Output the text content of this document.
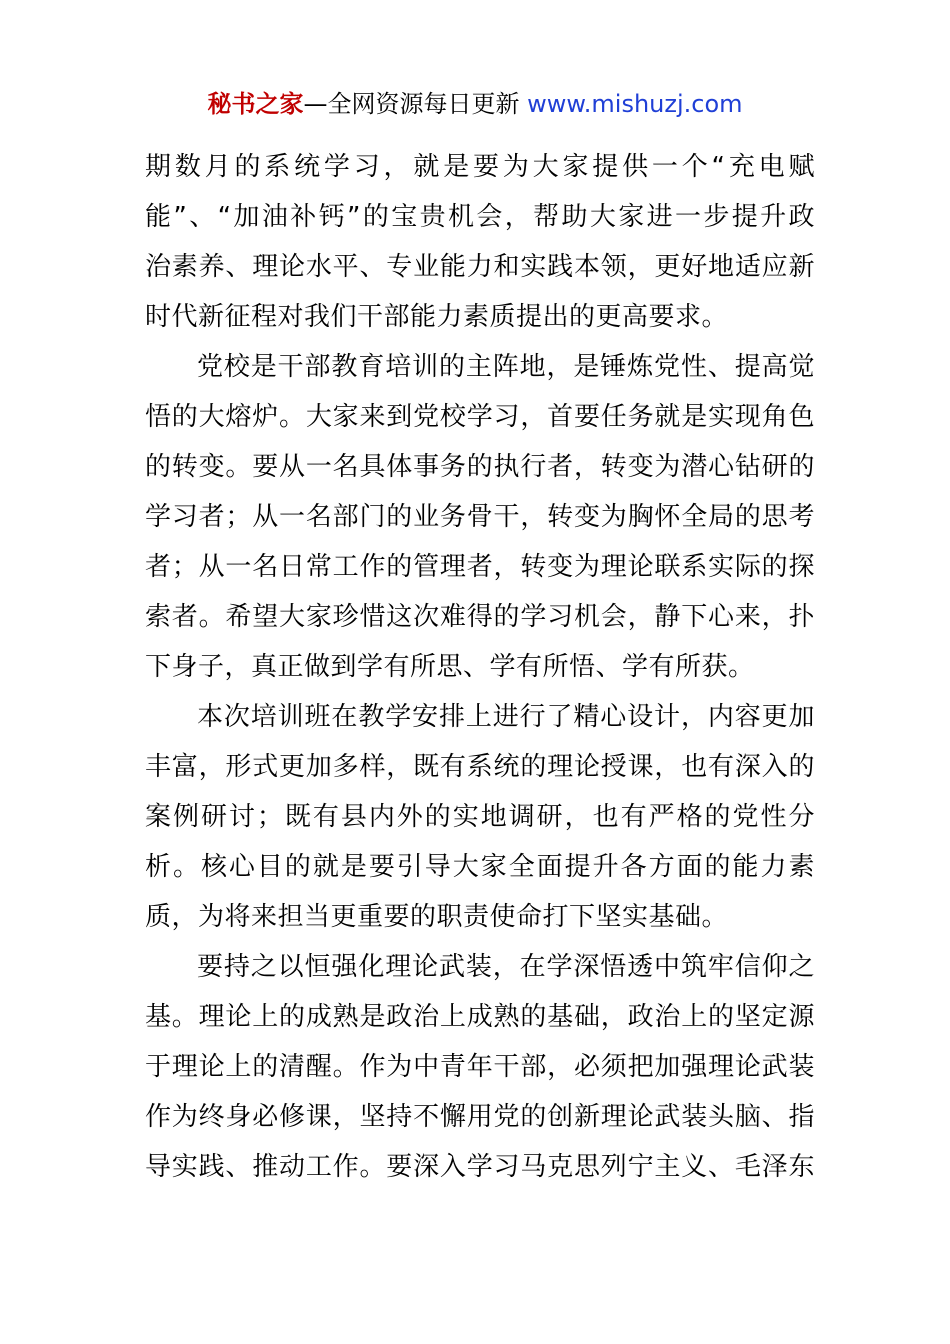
秘书之家—全网资源每日更新 www.mishuzj.com
期数月的系统学习，就是要为大家提供一个“充电赋
能”、“加油补钙”的宝贵机会，帮助大家进一步提升政
治素养、理论水平、专业能力和实践本领，更好地适应新
时代新征程对我们干部能力素质提出的更高要求。
党校是干部教育培训的主阵地，是锤炼党性、提高觉
悟的大熔炉。大家来到党校学习，首要任务就是实现角色
的转变。要从一名具体事务的执行者，转变为潜心钻研的
学习者；从一名部门的业务骨干，转变为胸怀全局的思考
者；从一名日常工作的管理者，转变为理论联系实际的探
索者。希望大家珍惜这次难得的学习机会，静下心来，扑
下身子，真正做到学有所思、学有所悟、学有所获。
本次培训班在教学安排上进行了精心设计，内容更加
丰富，形式更加多样，既有系统的理论授课，也有深入的
案例研讨；既有县内外的实地调研，也有严格的党性分
析。核心目的就是要引导大家全面提升各方面的能力素
质，为将来担当更重要的职责使命打下坚实基础。
要持之以恒强化理论武装，在学深悟透中筑牢信仰之
基。理论上的成熟是政治上成熟的基础，政治上的坚定源
于理论上的清醒。作为中青年干部，必须把加强理论武装
作为终身必修课，坚持不懈用党的创新理论武装头脑、指
导实践、推动工作。要深入学习马克思列宁主义、毛泽东
